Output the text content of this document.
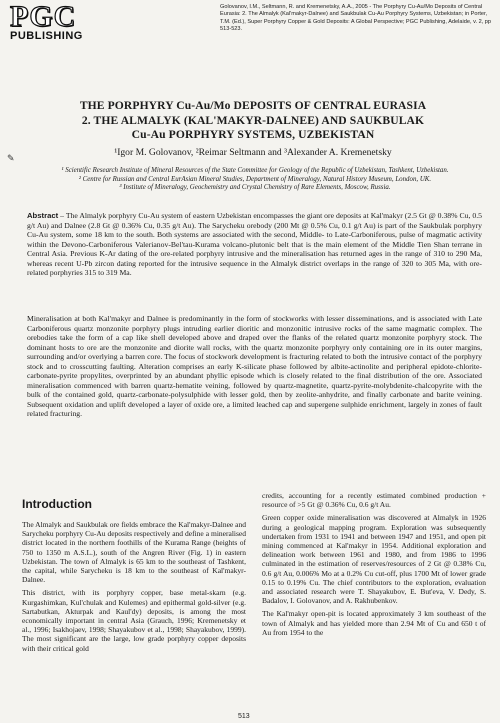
PGC
PUBLISHING
Golovanov, I.M., Seltmann, R. and Kremenetsky, A.A., 2005 - The Porphyry Cu-Au/Mo Deposits of Central Eurasia: 2. The Almalyk (Kal'makyr-Dalnee) and Saukbulak Cu-Au Porphyry Systems, Uzbekistan; in Porter, T.M. (Ed.), Super Porphyry Copper & Gold Deposits: A Global Perspective; PGC Publishing, Adelaide, v. 2, pp 513-523.
THE PORPHYRY Cu-Au/Mo DEPOSITS OF CENTRAL EURASIA
2. THE ALMALYK (KAL'MAKYR-DALNEE) AND SAUKBULAK
Cu-Au PORPHYRY SYSTEMS, UZBEKISTAN
¹Igor M. Golovanov, ²Reimar Seltmann and ³Alexander A. Kremenetsky
✎
¹ Scientific Research Institute of Mineral Resources of the State Committee for Geology of the Republic of Uzbekistan, Tashkent, Uzbekistan.
² Centre for Russian and Central EurAsian Mineral Studies, Department of Mineralogy, Natural History Museum, London, UK.
³ Institute of Mineralogy, Geochemistry and Crystal Chemistry of Rare Elements, Moscow, Russia.
Abstract – The Almalyk porphyry Cu-Au system of eastern Uzbekistan encompasses the giant ore deposits at Kal'makyr (2.5 Gt @ 0.38% Cu, 0.5 g/t Au) and Dalnee (2.8 Gt @ 0.36% Cu, 0.35 g/t Au). The Sarycheku orebody (200 Mt @ 0.5% Cu, 0.1 g/t Au) is part of the Saukbulak porphyry Cu-Au system, some 18 km to the south. Both systems are associated with the second, Middle- to Late-Carboniferous, pulse of magmatic activity within the Devono-Carboniferous Valerianov-Bel'tau-Kurama volcano-plutonic belt that is the main element of the Middle Tien Shan terrane in Central Asia. Previous K-Ar dating of the ore-related porphyry intrusive and the mineralisation has returned ages in the range of 310 to 290 Ma, whereas recent U-Pb zircon dating reported for the intrusive sequence in the Almalyk district overlaps in the range of 320 to 305 Ma, with ore-related porphyries 315 to 319 Ma.
Mineralisation at both Kal'makyr and Dalnee is predominantly in the form of stockworks with lesser disseminations, and is associated with Late Carboniferous quartz monzonite porphyry plugs intruding earlier dioritic and monzonitic intrusive rocks of the same magmatic complex. The orebodies take the form of a cap like shell developed above and draped over the flanks of the related quartz monzonite porphyry stock. The dominant hosts to ore are the monzonite and diorite wall rocks, with the quartz monzonite porphyry only containing ore in its outer margins, surrounding and/or overlying a barren core. The focus of stockwork development is fracturing related to both the intrusive contact of the porphyry stock and to crosscutting faulting. Alteration comprises an early K-silicate phase followed by albite-actinolite and peripheral epidote-chlorite-carbonate-pyrite propylites, overprinted by an abundant phyllic episode which is closely related to the final distribution of the ore. Associated mineralisation commenced with barren quartz-hematite veining, followed by quartz-magnetite, quartz-pyrite-molybdenite-chalcopyrite with the bulk of the contained gold, quartz-carbonate-polysulphide with lesser gold, then by zeolite-anhydrite, and finally carbonate and barite veining. Subsequent oxidation and uplift developed a layer of oxide ore, a limited leached cap and supergene sulphide enrichment, largely in zones of fault related fracturing.
Introduction

The Almalyk and Saukbulak ore fields embrace the Kal'makyr-Dalnee and Sarycheku porphyry Cu-Au deposits respectively and define a mineralised district located in the northern foothills of the Kurama Range (heights of 750 to 1350 m A.S.L.), south of the Angren River (Fig. 1) in eastern Uzbekistan. The town of Almalyk is 65 km to the southeast of Tashkent, the capital, while Sarycheku is 18 km to the southeast of Kal'makyr-Dalnee.

This district, with its porphyry copper, base metal-skarn (e.g. Kurgashimkan, Kul'chulak and Kulemes) and epithermal gold-silver (e.g. Sartabutkan, Akturpak and Kaul'dy) deposits, is among the most economically important in central Asia (Grauch, 1996; Kremenetsky et al., 1996; Isakhojaev, 1998; Shayakubov et al., 1998; Shayakubov, 1999). The most significant are the large, low grade porphyry copper deposits with their critical gold

credits, accounting for a recently estimated combined production + resource of >5 Gt @ 0.36% Cu, 0.6 g/t Au.

Green copper oxide mineralisation was discovered at Almalyk in 1926 during a geological mapping program. Exploration was subsequently undertaken from 1931 to 1941 and between 1947 and 1951, and open pit mining commenced at Kal'makyr in 1954. Additional exploration and delineation work between 1961 and 1980, and from 1986 to 1996 culminated in the estimation of reserves/resources of 2 Gt @ 0.38% Cu, 0.6 g/t Au, 0.006% Mo at a 0.2% Cu cut-off, plus 1700 Mt of lower grade 0.15 to 0.19% Cu. The chief contributors to the exploration, evaluation and associated research were T. Shayakubov, E. But'eva, V. Dedy, S. Badalov, I. Golovanov, and A. Rakhubenkov.

The Kal'makyr open-pit is located approximately 3 km southeast of the town of Almalyk and has yielded more than 2.94 Mt of Cu and 650 t of Au from 1954 to the

513
